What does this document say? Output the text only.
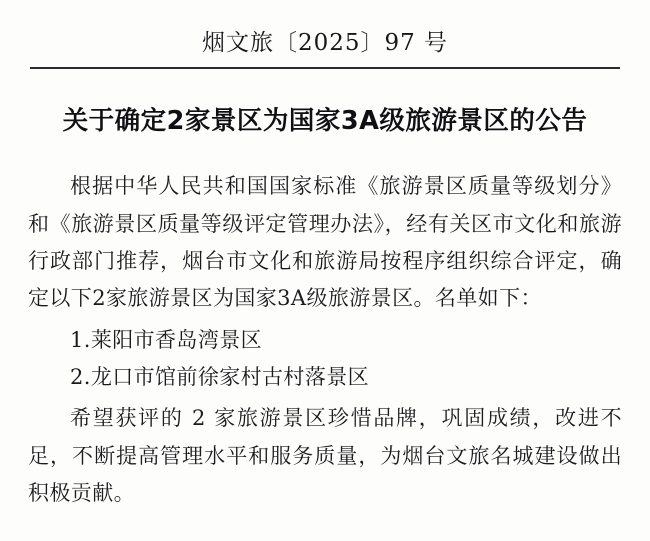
烟文旅〔2025〕97 号
关于确定2家景区为国家3A级旅游景区的公告

根据中华人民共和国国家标准《旅游景区质量等级划分》和《旅游景区质量等级评定管理办法》，经有关区市文化和旅游行政部门推荐，烟台市文化和旅游局按程序组织综合评定，确定以下2家旅游景区为国家3A级旅游景区。名单如下：

1.莱阳市香岛湾景区

2.龙口市馆前徐家村古村落景区

希望获评的 2 家旅游景区珍惜品牌，巩固成绩，改进不足，不断提高管理水平和服务质量，为烟台文旅名城建设做出积极贡献。
